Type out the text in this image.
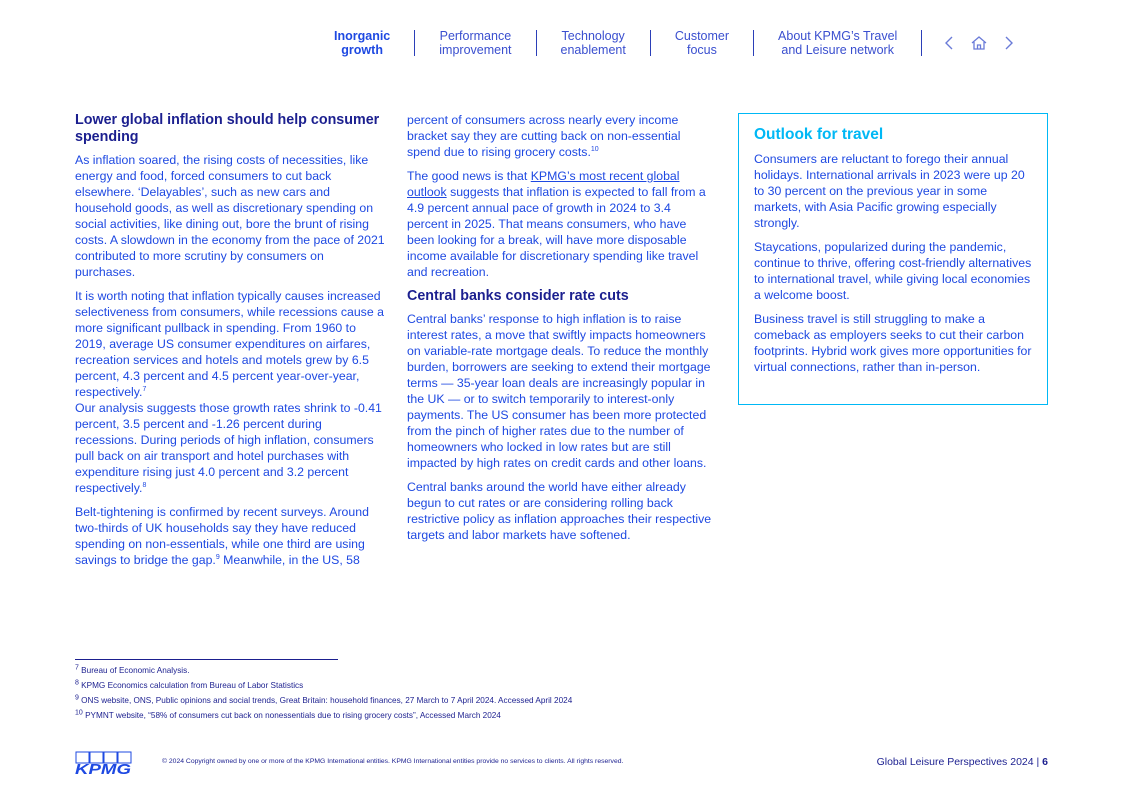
Inorganic
growth
Performance
improvement
Technology
enablement
Customer
focus
About KPMG’s Travel
and Leisure network
Lower global inflation should help consumer spending

As inflation soared, the rising costs of necessities, like energy and food, forced consumers to cut back elsewhere. ‘Delayables’, such as new cars and household goods, as well as discretionary spending on social activities, like dining out, bore the brunt of rising costs. A slowdown in the economy from the pace of 2021 contributed to more scrutiny by consumers on purchases.

It is worth noting that inflation typically causes increased selectiveness from consumers, while recessions cause a more significant pullback in spending. From 1960 to 2019, average US consumer expenditures on airfares, recreation services and hotels and motels grew by 6.5 percent, 4.3 percent and 4.5 percent year-over-year, respectively.$^7$
Our analysis suggests those growth rates shrink to -0.41 percent, 3.5 percent and -1.26 percent during recessions. During periods of high inflation, consumers pull back on air transport and hotel purchases with expenditure rising just 4.0 percent and 3.2 percent respectively.$^8$

Belt-tightening is confirmed by recent surveys. Around two-thirds of UK households say they have reduced spending on non-essentials, while one third are using savings to bridge the gap.$^9$ Meanwhile, in the US, 58

percent of consumers across nearly every income bracket say they are cutting back on non-essential spend due to rising grocery costs.$^{10}$

The good news is that KPMG’s most recent global outlook suggests that inflation is expected to fall from a 4.9 percent annual pace of growth in 2024 to 3.4 percent in 2025. That means consumers, who have been looking for a break, will have more disposable income available for discretionary spending like travel and recreation.

Central banks consider rate cuts

Central banks’ response to high inflation is to raise interest rates, a move that swiftly impacts homeowners on variable-rate mortgage deals. To reduce the monthly burden, borrowers are seeking to extend their mortgage terms — 35-year loan deals are increasingly popular in the UK — or to switch temporarily to interest-only payments. The US consumer has been more protected from the pinch of higher rates due to the number of homeowners who locked in low rates but are still impacted by high rates on credit cards and other loans.

Central banks around the world have either already begun to cut rates or are considering rolling back restrictive policy as inflation approaches their respective targets and labor markets have softened.

Outlook for travel

Consumers are reluctant to forego their annual holidays. International arrivals in 2023 were up 20 to 30 percent on the previous year in some markets, with Asia Pacific growing especially strongly.

Staycations, popularized during the pandemic, continue to thrive, offering cost-friendly alternatives to international travel, while giving local economies a welcome boost.

Business travel is still struggling to make a comeback as employers seeks to cut their carbon footprints. Hybrid work gives more opportunities for virtual connections, rather than in-person.

$^7$ Bureau of Economic Analysis.
$^8$ KPMG Economics calculation from Bureau of Labor Statistics
$^9$ ONS website, ONS, Public opinions and social trends, Great Britain: household finances, 27 March to 7 April 2024. Accessed April 2024
$^{10}$ PYMNT website, “58% of consumers cut back on nonessentials due to rising grocery costs”, Accessed March 2024
KPMG	© 2024 Copyright owned by one or more of the KPMG International entities. KPMG International entities provide no services to clients. All rights reserved.	Global Leisure Perspectives 2024 | 6
